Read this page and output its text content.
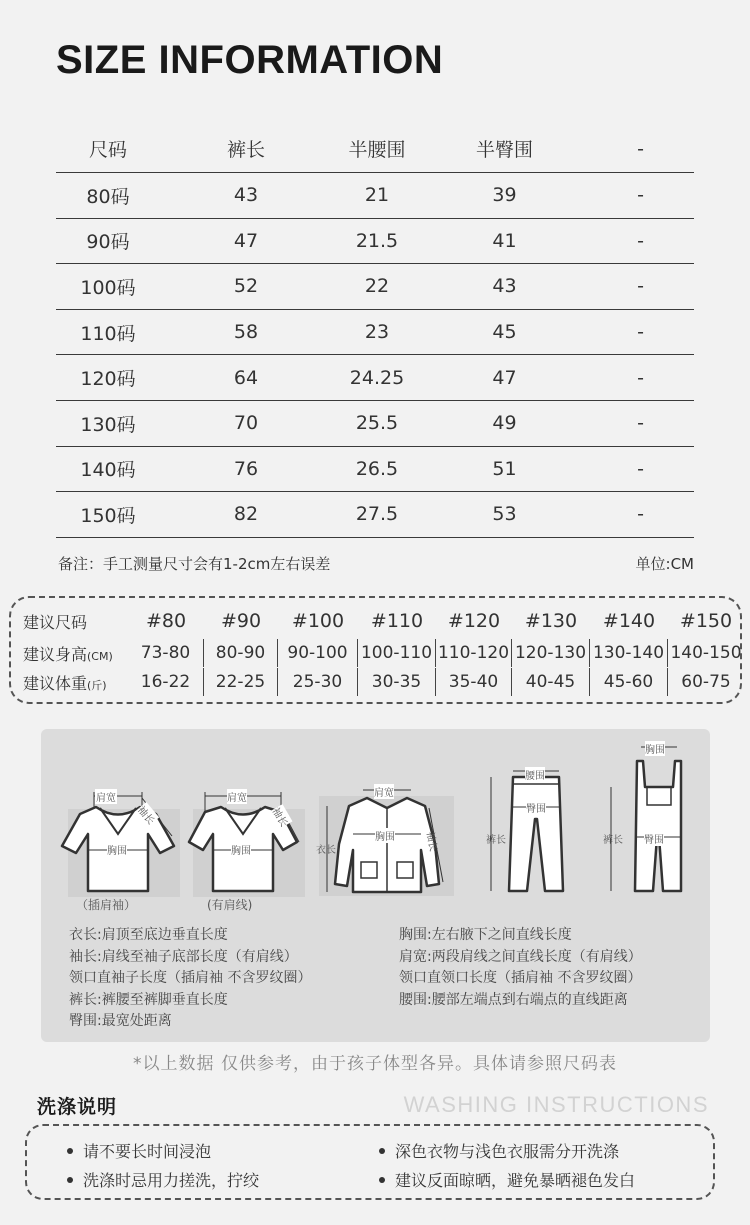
SIZE INFORMATION
尺码	裤长	半腰围	半臀围	-
80码	43	21	39	-
90码	47	21.5	41	-
100码	52	22	43	-
110码	58	23	45	-
120码	64	24.25	47	-
130码	70	25.5	49	-
140码	76	26.5	51	-
150码	82	27.5	53	-
备注：手工测量尺寸会有1-2cm左右误差	单位:CM
建议尺码	#80	#90	#100	#110	#120	#130	#140	#150
建议身高(CM)	73-80	80-90	90-100 100-110 110-120 120-130 130-140 140-150
建议体重(斤)	16-22	22-25	25-30	30-35	35-40	40-45	45-60	60-75
肩宽
袖长
胸围
（插肩袖）
肩宽
袖长
胸围
(有肩线)
肩宽
衣长
胸围	袖长
腰围
裤长
臀围
胸围
裤长 臀围
衣长:肩顶至底边垂直长度
袖长:肩线至袖子底部长度（有肩线）
领口直袖子长度（插肩袖 不含罗纹圈）
裤长:裤腰至裤脚垂直长度
臀围:最宽处距离
胸围:左右腋下之间直线长度
肩宽:两段肩线之间直线长度（有肩线）
领口直领口长度（插肩袖 不含罗纹圈）
腰围:腰部左端点到右端点的直线距离
*以上数据 仅供参考，由于孩子体型各异。具体请参照尺码表
洗涤说明	WASHING INSTRUCTIONS
请不要长时间浸泡	深色衣物与浅色衣服需分开洗涤
洗涤时忌用力搓洗，拧绞	建议反面晾晒，避免暴晒褪色发白
